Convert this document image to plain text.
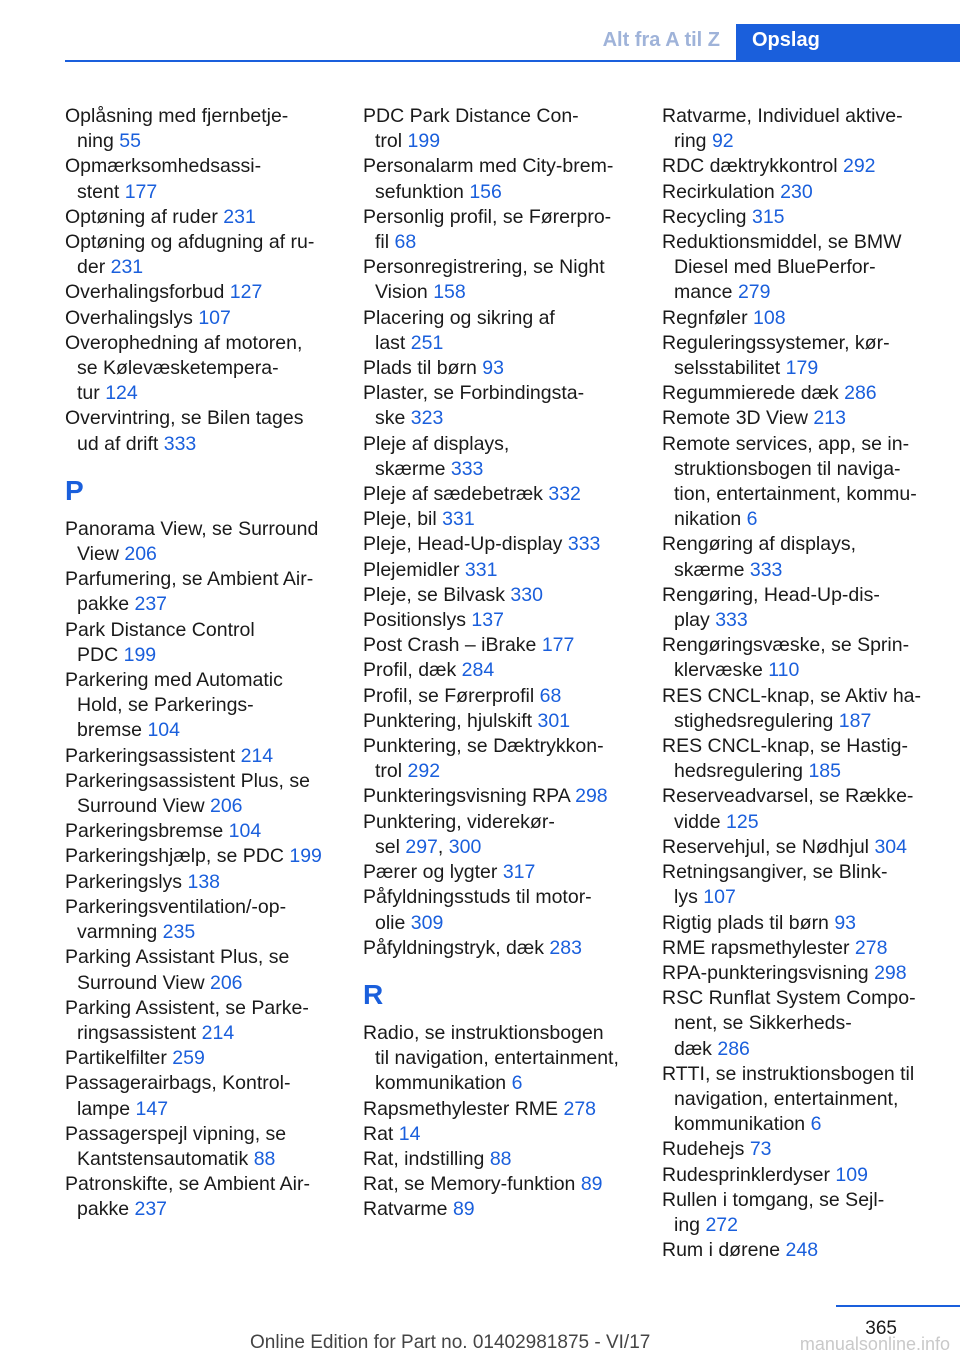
Alt fra A til Z	Opslag
Oplåsning med fjernbetje-
ning 55
Opmærksomhedsassi-
stent 177
Optøning af ruder 231
Optøning og afdugning af ru-
der 231
Overhalingsforbud 127
Overhalingslys 107
Overophedning af motoren,
se Kølevæsketempera-
tur 124
Overvintring, se Bilen tages
ud af drift 333
P
Panorama View, se Surround
View 206
Parfumering, se Ambient Air-
pakke 237
Park Distance Control
PDC 199
Parkering med Automatic
Hold, se Parkerings-
bremse 104
Parkeringsassistent 214
Parkeringsassistent Plus, se
Surround View 206
Parkeringsbremse 104
Parkeringshjælp, se PDC 199
Parkeringslys 138
Parkeringsventilation/-op-
varmning 235
Parking Assistant Plus, se
Surround View 206
Parking Assistent, se Parke-
ringsassistent 214
Partikelfilter 259
Passagerairbags, Kontrol-
lampe 147
Passagerspejl vipning, se
Kantstensautomatik 88
Patronskifte, se Ambient Air-
pakke 237
PDC Park Distance Con-
trol 199
Personalarm med City-brem-
sefunktion 156
Personlig profil, se Førerpro-
fil 68
Personregistrering, se Night
Vision 158
Placering og sikring af
last 251
Plads til børn 93
Plaster, se Forbindingsta-
ske 323
Pleje af displays,
skærme 333
Pleje af sædebetræk 332
Pleje, bil 331
Pleje, Head-Up-display 333
Plejemidler 331
Pleje, se Bilvask 330
Positionslys 137
Post Crash – iBrake 177
Profil, dæk 284
Profil, se Førerprofil 68
Punktering, hjulskift 301
Punktering, se Dæktrykkon-
trol 292
Punkteringsvisning RPA 298
Punktering, viderekør-
sel 297, 300
Pærer og lygter 317
Påfyldningsstuds til motor-
olie 309
Påfyldningstryk, dæk 283
R
Radio, se instruktionsbogen
til navigation, entertainment,
kommunikation 6
Rapsmethylester RME 278
Rat 14
Rat, indstilling 88
Rat, se Memory-funktion 89
Ratvarme 89
Ratvarme, Individuel aktive-
ring 92
RDC dæktrykkontrol 292
Recirkulation 230
Recycling 315
Reduktionsmiddel, se BMW
Diesel med BluePerfor-
mance 279
Regnføler 108
Reguleringssystemer, kør-
selsstabilitet 179
Regummierede dæk 286
Remote 3D View 213
Remote services, app, se in-
struktionsbogen til naviga-
tion, entertainment, kommu-
nikation 6
Rengøring af displays,
skærme 333
Rengøring, Head-Up-dis-
play 333
Rengøringsvæske, se Sprin-
klervæske 110
RES CNCL-knap, se Aktiv ha-
stighedsregulering 187
RES CNCL-knap, se Hastig-
hedsregulering 185
Reserveadvarsel, se Række-
vidde 125
Reservehjul, se Nødhjul 304
Retningsangiver, se Blink-
lys 107
Rigtig plads til børn 93
RME rapsmethylester 278
RPA-punkteringsvisning 298
RSC Runflat System Compo-
nent, se Sikkerheds-
dæk 286
RTTI, se instruktionsbogen til
navigation, entertainment,
kommunikation 6
Rudehejs 73
Rudesprinklerdyser 109
Rullen i tomgang, se Sejl-
ing 272
Rum i dørene 248
365
Online Edition for Part no. 01402981875 - VI/17	manualsonline.info
